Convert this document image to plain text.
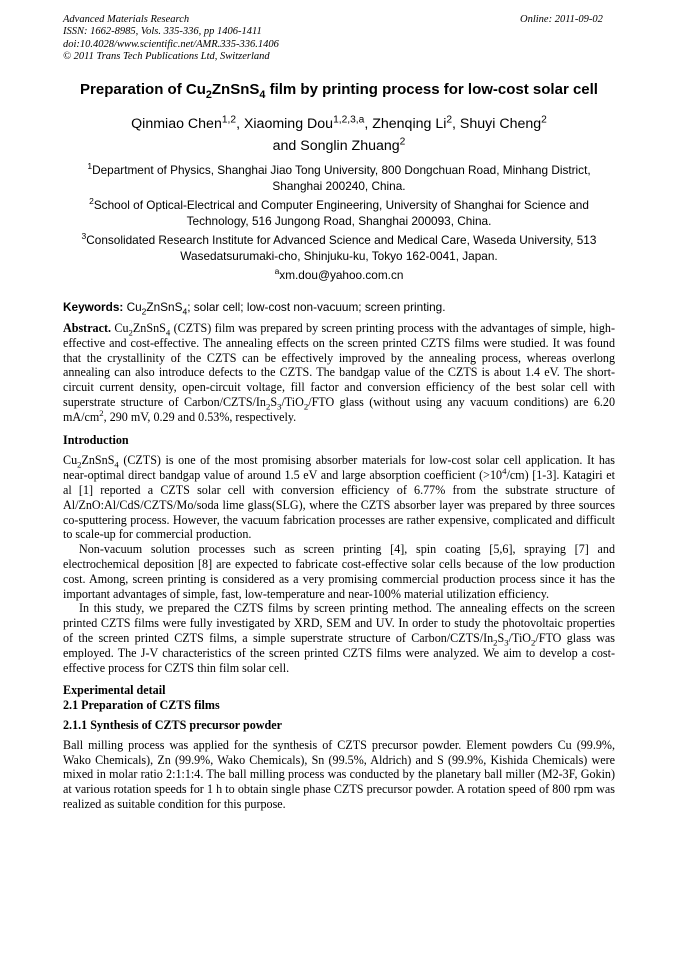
Advanced Materials Research
ISSN: 1662-8985, Vols. 335-336, pp 1406-1411
doi:10.4028/www.scientific.net/AMR.335-336.1406
© 2011 Trans Tech Publications Ltd, Switzerland
Online: 2011-09-02
Preparation of $Cu_2ZnSnS_4$ film by printing process for low-cost solar cell
Qinmiao Chen$^{1,2}$, Xiaoming Dou$^{1,2,3,a}$, Zhenqing Li$^2$, Shuyi Cheng$^2$
and Songlin Zhuang$^2$
$^1$Department of Physics, Shanghai Jiao Tong University, 800 Dongchuan Road, Minhang District, Shanghai 200240, China.
$^2$School of Optical-Electrical and Computer Engineering, University of Shanghai for Science and Technology, 516 Jungong Road, Shanghai 200093, China.
$^3$Consolidated Research Institute for Advanced Science and Medical Care, Waseda University, 513 Wasedatsurumaki-cho, Shinjuku-ku, Tokyo 162-0041, Japan.
$^a$xm.dou@yahoo.com.cn
Keywords: $Cu_2ZnSnS_4$; solar cell; low-cost non-vacuum; screen printing.

Abstract. $Cu_2ZnSnS_4$ (CZTS) film was prepared by screen printing process with the advantages of simple, high-effective and cost-effective. The annealing effects on the screen printed CZTS films were studied. It was found that the crystallinity of the CZTS can be effectively improved by the annealing process, whereas overlong annealing can also introduce defects to the CZTS. The bandgap value of the CZTS is about 1.4 eV. The short-circuit current density, open-circuit voltage, fill factor and conversion efficiency of the best solar cell with superstrate structure of Carbon/$CZTS/In_2S_3/TiO_2$/FTO glass (without using any vacuum conditions) are 6.20 $mA/cm^2$, 290 mV, 0.29 and 0.53%, respectively.

Introduction

$Cu_2ZnSnS_4$ (CZTS) is one of the most promising absorber materials for low-cost solar cell application. It has near-optimal direct bandgap value of around 1.5 eV and large absorption coefficient $(>10^4/cm)$ [1-3]. Katagiri et al [1] reported a CZTS solar cell with conversion efficiency of 6.77% from the substrate structure of Al/ZnO:Al/CdS/CZTS/Mo/soda lime glass(SLG), where the CZTS absorber layer was prepared by three sources co-sputtering process. However, the vacuum fabrication processes are rather expensive, complicated and difficult to scale-up for commercial production.

Non-vacuum solution processes such as screen printing [4], spin coating [5,6], spraying [7] and electrochemical deposition [8] are expected to fabricate cost-effective solar cells because of the low production cost. Among, screen printing is considered as a very promising commercial production process since it has the important advantages of simple, fast, low-temperature and near-100% material utilization efficiency.

In this study, we prepared the CZTS films by screen printing method. The annealing effects on the screen printed CZTS films were fully investigated by XRD, SEM and UV. In order to study the photovoltaic properties of the screen printed CZTS films, a simple superstrate structure of Carbon/$CZTS/In_2S_3/TiO_2$/FTO glass was employed. The J-V characteristics of the screen printed CZTS films were analyzed. We aim to develop a cost-effective process for CZTS thin film solar cell.

Experimental detail
2.1 Preparation of CZTS films
2.1.1 Synthesis of CZTS precursor powder

Ball milling process was applied for the synthesis of CZTS precursor powder. Element powders Cu (99.9%, Wako Chemicals), Zn (99.9%, Wako Chemicals), Sn (99.5%, Aldrich) and S (99.9%, Kishida Chemicals) were mixed in molar ratio 2:1:1:4. The ball milling process was conducted by the planetary ball miller (M2-3F, Gokin) at various rotation speeds for 1 h to obtain single phase CZTS precursor powder. A rotation speed of 800 rpm was realized as suitable condition for this purpose.
